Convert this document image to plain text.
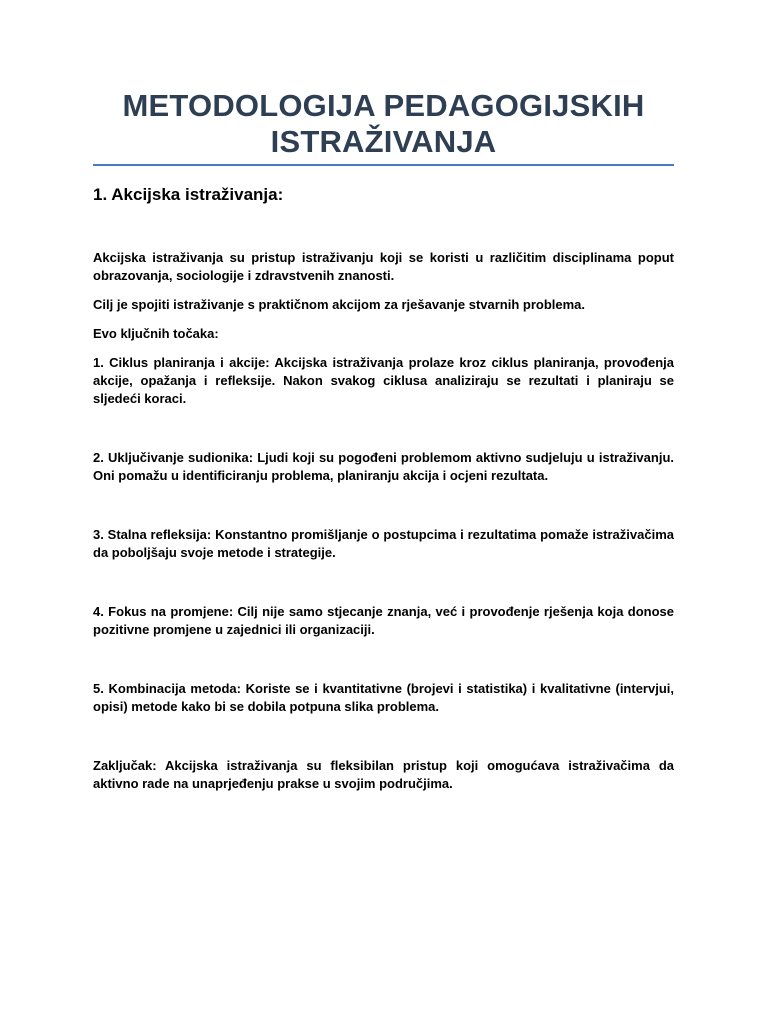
METODOLOGIJA PEDAGOGIJSKIH ISTRAŽIVANJA
1. Akcijska istraživanja:

Akcijska istraživanja su pristup istraživanju koji se koristi u različitim disciplinama poput obrazovanja, sociologije i zdravstvenih znanosti.

Cilj je spojiti istraživanje s praktičnom akcijom za rješavanje stvarnih problema.

Evo ključnih točaka:

1. Ciklus planiranja i akcije: Akcijska istraživanja prolaze kroz ciklus planiranja, provođenja akcije, opažanja i refleksije. Nakon svakog ciklusa analiziraju se rezultati i planiraju se sljedeći koraci.

2. Uključivanje sudionika: Ljudi koji su pogođeni problemom aktivno sudjeluju u istraživanju. Oni pomažu u identificiranju problema, planiranju akcija i ocjeni rezultata.

3. Stalna refleksija: Konstantno promišljanje o postupcima i rezultatima pomaže istraživačima da poboljšaju svoje metode i strategije.

4. Fokus na promjene: Cilj nije samo stjecanje znanja, već i provođenje rješenja koja donose pozitivne promjene u zajednici ili organizaciji.

5. Kombinacija metoda: Koriste se i kvantitativne (brojevi i statistika) i kvalitativne (intervjui, opisi) metode kako bi se dobila potpuna slika problema.

Zaključak: Akcijska istraživanja su fleksibilan pristup koji omogućava istraživačima da aktivno rade na unaprjeđenju prakse u svojim područjima.
